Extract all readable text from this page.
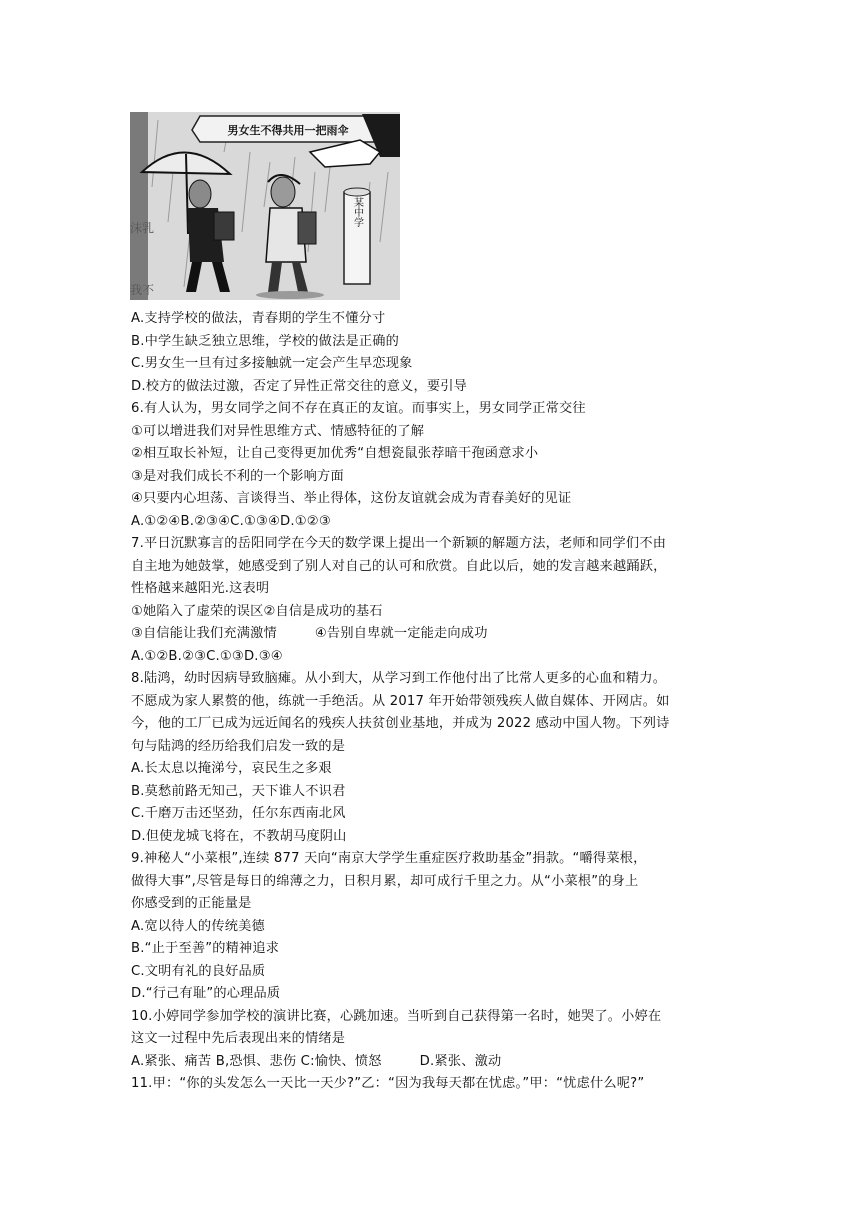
沫乳
我不
男女生不得共用一把雨伞
某中学
A.支持学校的做法，青春期的学生不懂分寸
B.中学生缺乏独立思维，学校的做法是正确的
C.男女生一旦有过多接触就一定会产生早恋现象
D.校方的做法过激，否定了异性正常交往的意义，要引导
6.有人认为，男女同学之间不存在真正的友谊。而事实上，男女同学正常交往
①可以增进我们对异性思维方式、情感特征的了解
②相互取长补短，让自己变得更加优秀“自想瓷鼠张荐暗干孢函意求小
③是对我们成长不利的一个影响方面
④只要内心坦荡、言谈得当、举止得体，这份友谊就会成为青春美好的见证
A.①②④B.②③④C.①③④D.①②③
7.平日沉默寡言的岳阳同学在今天的数学课上提出一个新颖的解题方法，老师和同学们不由
自主地为她鼓掌，她感受到了别人对自己的认可和欣赏。自此以后，她的发言越来越踊跃，
性格越来越阳光.这表明
①她陷入了虚荣的误区②自信是成功的基石
③自信能让我们充满激情	④告别自卑就一定能走向成功
A.①②B.②③C.①③D.③④
8.陆鸿，幼时因病导致脑瘫。从小到大，从学习到工作他付出了比常人更多的心血和精力。
不愿成为家人累赘的他，练就一手绝活。从 2017 年开始带领残疾人做自媒体、开网店。如
今，他的工厂已成为远近闻名的残疾人扶贫创业基地，并成为 2022 感动中国人物。下列诗
句与陆鸿的经历给我们启发一致的是
A.长太息以掩涕兮，哀民生之多艰
B.莫愁前路无知己，天下谁人不识君
C.千磨万击还坚劲，任尔东西南北风
D.但使龙城飞将在，不教胡马度阴山
9.神秘人“小菜根”,连续 877 天向“南京大学学生重症医疗救助基金”捐款。“嚼得菜根，
做得大事”,尽管是每日的绵薄之力，日积月累，却可成行千里之力。从“小菜根”的身上
你感受到的正能量是
A.宽以待人的传统美德
B.“止于至善”的精神追求
C.文明有礼的良好品质
D.“行己有耻”的心理品质
10.小婷同学参加学校的演讲比赛，心跳加速。当听到自己获得第一名时，她哭了。小婷在
这文一过程中先后表现出来的情绪是
A.紧张、痛苦 B,恐惧、悲伤 C:愉快、愤怒	D.紧张、激动
11.甲：“你的头发怎么一天比一天少?”乙：“因为我每天都在忧虑。”甲：“忧虑什么呢?”
